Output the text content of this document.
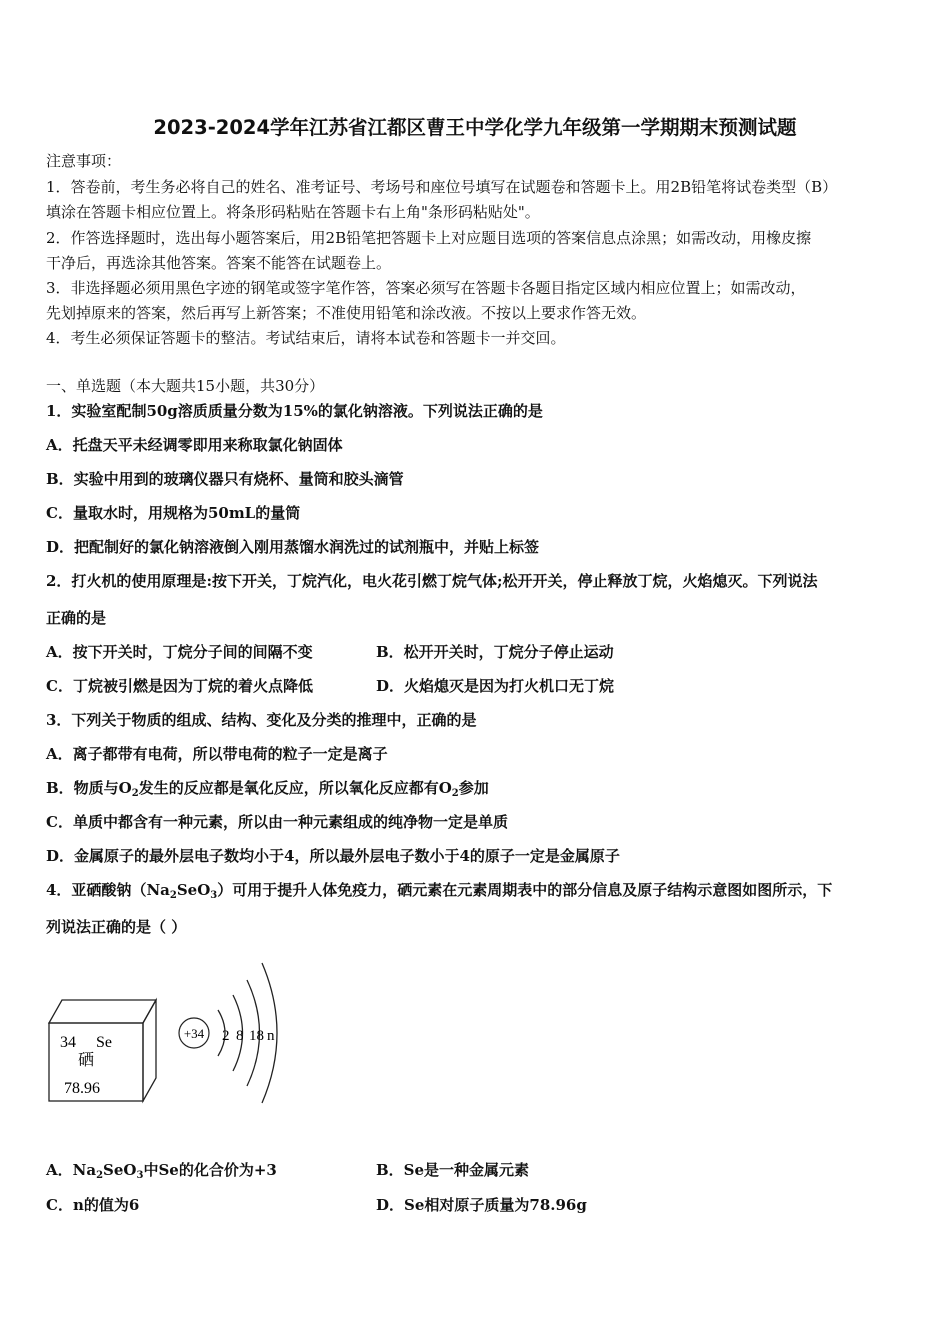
2023-2024学年江苏省江都区曹王中学化学九年级第一学期期末预测试题
注意事项：
1．答卷前，考生务必将自己的姓名、准考证号、考场号和座位号填写在试题卷和答题卡上。用2B铅笔将试卷类型（B）
填涂在答题卡相应位置上。将条形码粘贴在答题卡右上角"条形码粘贴处"。
2．作答选择题时，选出每小题答案后，用2B铅笔把答题卡上对应题目选项的答案信息点涂黑；如需改动，用橡皮擦
干净后，再选涂其他答案。答案不能答在试题卷上。
3．非选择题必须用黑色字迹的钢笔或签字笔作答，答案必须写在答题卡各题目指定区域内相应位置上；如需改动，
先划掉原来的答案，然后再写上新答案；不准使用铅笔和涂改液。不按以上要求作答无效。
4．考生必须保证答题卡的整洁。考试结束后，请将本试卷和答题卡一并交回。
一、单选题（本大题共15小题，共30分）
1．实验室配制50g溶质质量分数为15%的氯化钠溶液。下列说法正确的是
A．托盘天平未经调零即用来称取氯化钠固体
B．实验中用到的玻璃仪器只有烧杯、量筒和胶头滴管
C．量取水时，用规格为50mL的量筒
D．把配制好的氯化钠溶液倒入刚用蒸馏水润洗过的试剂瓶中，并贴上标签
2．打火机的使用原理是:按下开关，丁烷汽化，电火花引燃丁烷气体;松开开关，停止释放丁烷，火焰熄灭。下列说法
正确的是
A．按下开关时，丁烷分子间的间隔不变	B．松开开关时，丁烷分子停止运动
C．丁烷被引燃是因为丁烷的着火点降低	D．火焰熄灭是因为打火机口无丁烷
3．下列关于物质的组成、结构、变化及分类的推理中，正确的是
A．离子都带有电荷，所以带电荷的粒子一定是离子
B．物质与$O_2$发生的反应都是氧化反应，所以氧化反应都有$O_2$参加
C．单质中都含有一种元素，所以由一种元素组成的纯净物一定是单质
D．金属原子的最外层电子数均小于4，所以最外层电子数小于4的原子一定是金属原子
4．亚硒酸钠$(Na_2SeO_3)$可用于提升人体免疫力，硒元素在元素周期表中的部分信息及原子结构示意图如图所示，下
列说法正确的是（ ）
34 Se
硒
78.96
+34 2 8 18 n
A．$Na_2SeO_3$中Se的化合价为+3	B．Se是一种金属元素
C．n的值为6	D．Se相对原子质量为78.96g
